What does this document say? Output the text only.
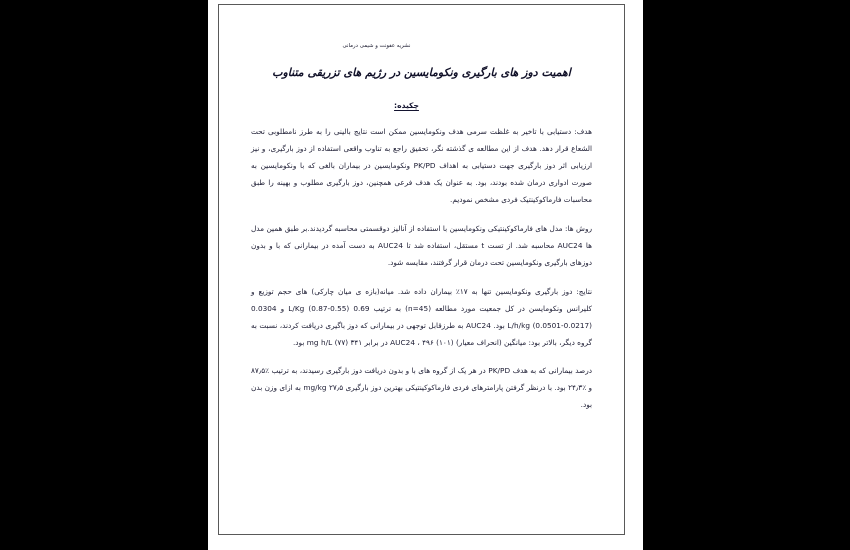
نشریه عفونت و شیمی درمانی
اهمیت دوز های بارگیری ونکومایسین در رژیم های تزریقی متناوب
چکیده:

هدف: دستیابی با تاخیر به غلظت سرمی هدف ونکومایسین ممکن است نتایج بالینی را به طرز نامطلوبی تحت الشعاع قرار دهد. هدف از این مطالعه ی گذشته نگر، تحقیق راجع به تناوب واقعی استفاده از دوز بارگیری، و نیز ارزیابی اثر دوز بارگیری جهت دستیابی به اهداف PK/PD ونکومایسین در بیماران بالغی که با ونکومایسین به صورت ادواری درمان شده بودند، بود. به عنوان یک هدف فرعی همچنین، دوز بارگیری مطلوب و بهینه را طبق محاسبات فارماکوکینتیک فردی مشخص نمودیم.

روش ها: مدل های فارماکوکینتیکی ونکومایسین با استفاده از آنالیز دوقسمتی محاسبه گردیدند.بر طبق همین مدل ها AUC24 محاسبه شد. از تست t مستقل، استفاده شد تا AUC24 به دست آمده در بیمارانی که با و بدون دوزهای بارگیری ونکومایسین تحت درمان قرار گرفتند، مقایسه شود.

نتایج: دوز بارگیری ونکومایسین تنها به ۱۷٪ بیماران داده شد. میانه(بازه ی میان چارکی) های حجم توزیع و کلیرانس ونکومایسن در کل جمعیت مورد مطالعه (n=45) به ترتیب 0.69 (0.55-0.87) L/Kg و 0.0304 (0.0217-0.0501) L/h/kg بود. AUC24 به طرزقابل توجهی در بیمارانی که دوز باگیری دریافت کردند، نسبت به گروه دیگر، بالاتر بود: میانگین (انحراف معیار) AUC24 ، ۴۹۶ (۱۰۱) در برابر ۳۴۱ (۷۷) mg h/L بود.

درصد بیمارانی که به هدف PK/PD در هر یک از گروه های با و بدون دریافت دوز بارگیری رسیدند، به ترتیب ٪۸۷٫۵ و ٪۲۴٫۳ بود. با درنظر گرفتن پارامترهای فردی فارماکوکینتیکی بهترین دوز بارگیری ۲۷٫۵ mg/kg به ازای وزن بدن بود.
